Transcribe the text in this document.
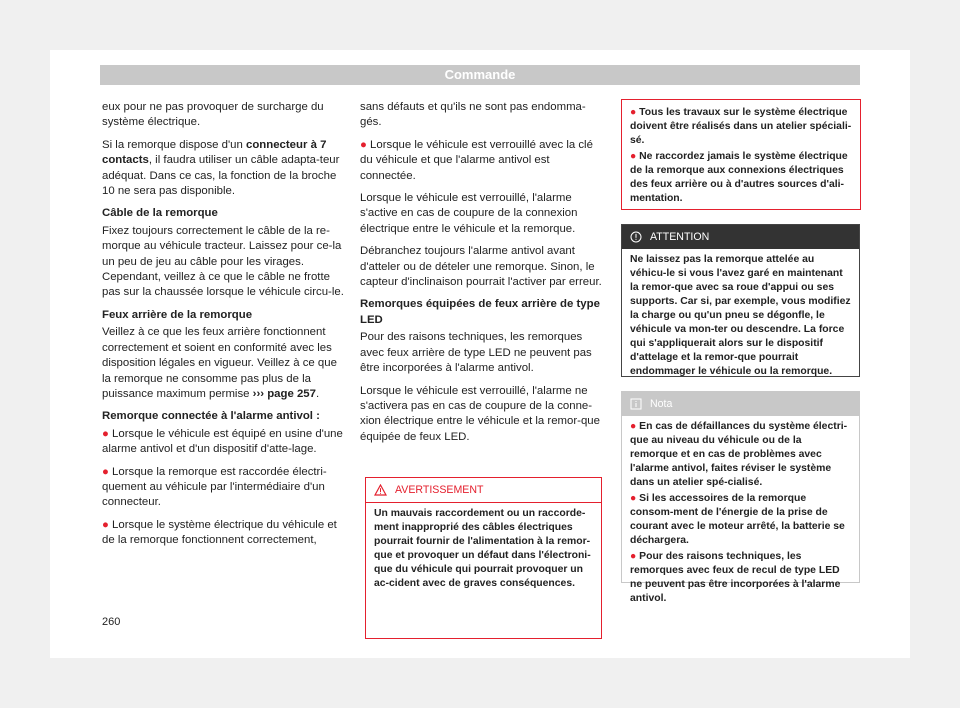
Commande

eux pour ne pas provoquer de surcharge du système électrique.

Si la remorque dispose d'un connecteur à 7 contacts, il faudra utiliser un câble adapta-teur adéquat. Dans ce cas, la fonction de la broche 10 ne sera pas disponible.

Câble de la remorque

Fixez toujours correctement le câble de la re-morque au véhicule tracteur. Laissez pour ce-la un peu de jeu au câble pour les virages. Cependant, veillez à ce que le câble ne frotte pas sur la chaussée lorsque le véhicule circu-le.

Feux arrière de la remorque

Veillez à ce que les feux arrière fonctionnent correctement et soient en conformité avec les disposition légales en vigueur. Veillez à ce que la remorque ne consomme pas plus de la puissance maximum permise ››› page 257.

Remorque connectée à l'alarme antivol :

● Lorsque le véhicule est équipé en usine d'une alarme antivol et d'un dispositif d'atte-lage.

● Lorsque la remorque est raccordée électri-quement au véhicule par l'intermédiaire d'un connecteur.

● Lorsque le système électrique du véhicule et de la remorque fonctionnent correctement,

sans défauts et qu'ils ne sont pas endomma-gés.

● Lorsque le véhicule est verrouillé avec la clé du véhicule et que l'alarme antivol est connectée.

Lorsque le véhicule est verrouillé, l'alarme s'active en cas de coupure de la connexion électrique entre le véhicule et la remorque.

Débranchez toujours l'alarme antivol avant d'atteler ou de dételer une remorque. Sinon, le capteur d'inclinaison pourrait l'activer par erreur.

Remorques équipées de feux arrière de type LED

Pour des raisons techniques, les remorques avec feux arrière de type LED ne peuvent pas être incorporées à l'alarme antivol.

Lorsque le véhicule est verrouillé, l'alarme ne s'activera pas en cas de coupure de la conne-xion électrique entre le véhicule et la remor-que équipée de feux LED.

AVERTISSEMENT
Un mauvais raccordement ou un raccorde-ment inapproprié des câbles électriques pourrait fournir de l'alimentation à la remor-que et provoquer un défaut dans l'électroni-que du véhicule qui pourrait provoquer un ac-cident avec de graves conséquences.

● Tous les travaux sur le système électrique doivent être réalisés dans un atelier spéciali-sé.

● Ne raccordez jamais le système électrique de la remorque aux connexions électriques des feux arrière ou à d'autres sources d'ali-mentation.

ATTENTION
Ne laissez pas la remorque attelée au véhicu-le si vous l'avez garé en maintenant la remor-que avec sa roue d'appui ou ses supports. Car si, par exemple, vous modifiez la charge ou qu'un pneu se dégonfle, le véhicule va mon-ter ou descendre. La force qui s'appliquerait alors sur le dispositif d'attelage et la remor-que pourrait endommager le véhicule ou la remorque.
Nota

● En cas de défaillances du système électri-que au niveau du véhicule ou de la remorque et en cas de problèmes avec l'alarme antivol, faites réviser le système dans un atelier spé-cialisé.

● Si les accessoires de la remorque consom-ment de l'énergie de la prise de courant avec le moteur arrêté, la batterie se déchargera.

● Pour des raisons techniques, les remorques avec feux de recul de type LED ne peuvent pas être incorporées à l'alarme antivol.

260
